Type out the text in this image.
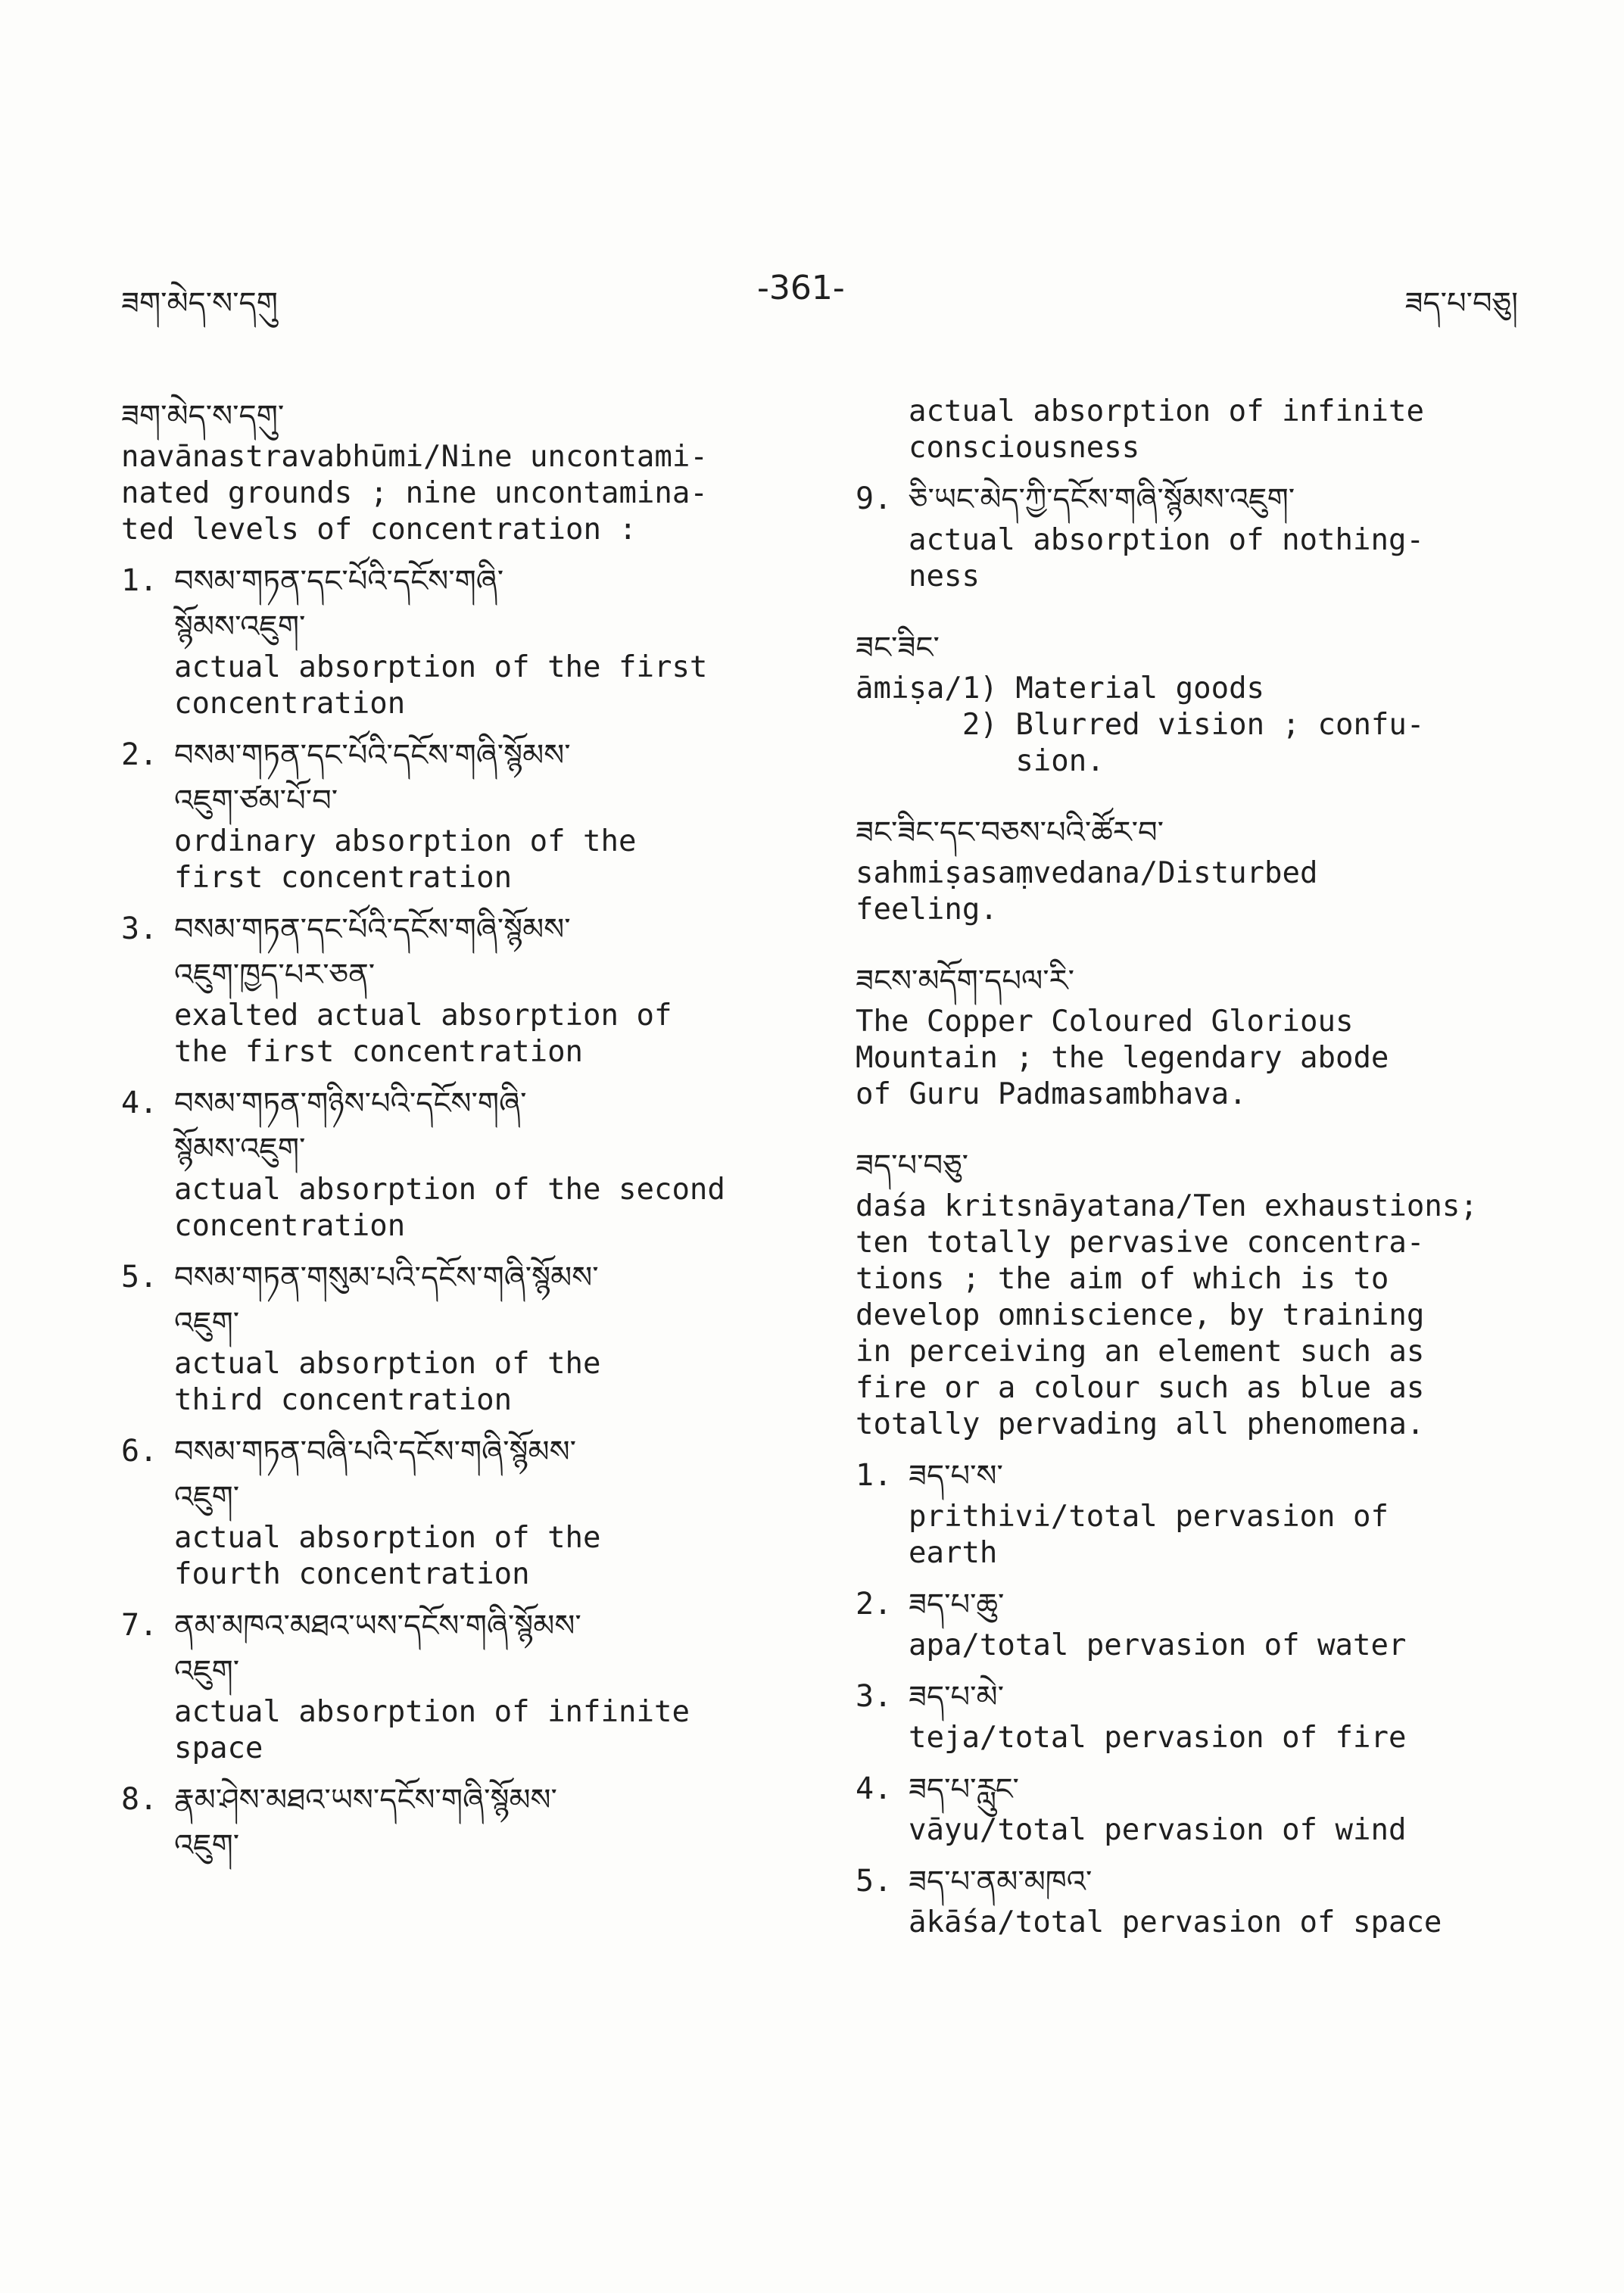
ཟག་མེད་ས་དགུ	-361-	ཟད་པ་བཅུ།

ཟག་མེད་ས་དགུ་

navānastravabhūmi/Nine uncontami-
nated grounds ; nine uncontamina-
ted levels of concentration :

1. བསམ་གཏན་དང་པོའི་དངོས་གཞི་

སྙོམས་འཇུག་

actual absorption of the first
concentration

2. བསམ་གཏན་དང་པོའི་དངོས་གཞི་སྙོམས་

འཇུག་ཙམ་པོ་བ་

ordinary absorption of the
first concentration

3. བསམ་གཏན་དང་པོའི་དངོས་གཞི་སྙོམས་

འཇུག་ཁྱད་པར་ཅན་

exalted actual absorption of
the first concentration

4. བསམ་གཏན་གཉིས་པའི་དངོས་གཞི་

སྙོམས་འཇུག་

actual absorption of the second
concentration

5. བསམ་གཏན་གསུམ་པའི་དངོས་གཞི་སྙོམས་

འཇུག་

actual absorption of the
third concentration

6. བསམ་གཏན་བཞི་པའི་དངོས་གཞི་སྙོམས་

འཇུག་

actual absorption of the
fourth concentration

7. ནམ་མཁའ་མཐའ་ཡས་དངོས་གཞི་སྙོམས་

འཇུག་

actual absorption of infinite
space

8. རྣམ་ཤེས་མཐའ་ཡས་དངོས་གཞི་སྙོམས་

འཇུག་

actual absorption of infinite
consciousness

9. ཅི་ཡང་མེད་ཀྱི་དངོས་གཞི་སྙོམས་འཇུག་

actual absorption of nothing-
ness

ཟང་ཟིང་

āmiṣa/1) Material goods
2) Blurred vision ; confu-
sion.

ཟང་ཟིང་དང་བཅས་པའི་ཚོར་བ་

sahmiṣasaṃvedana/Disturbed
feeling.

ཟངས་མདོག་དཔལ་རི་

The Copper Coloured Glorious
Mountain ; the legendary abode
of Guru Padmasambhava.

ཟད་པ་བཅུ་

daśa kritsnāyatana/Ten exhaustions;
ten totally pervasive concentra-
tions ; the aim of which is to
develop omniscience, by training
in perceiving an element such as
fire or a colour such as blue as
totally pervading all phenomena.

1. ཟད་པ་ས་

prithivi/total pervasion of
earth

2. ཟད་པ་ཆུ་

apa/total pervasion of water

3. ཟད་པ་མེ་

teja/total pervasion of fire

4. ཟད་པ་རླུང་

vāyu/total pervasion of wind

5. ཟད་པ་ནམ་མཁའ་

ākāśa/total pervasion of space
